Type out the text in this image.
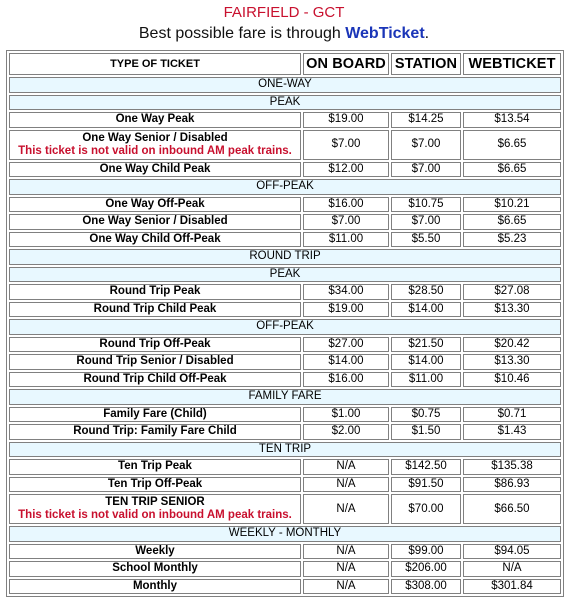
FAIRFIELD - GCT
Best possible fare is through WebTicket.
TYPE OF TICKET	ON BOARD	STATION	WEBTICKET
ONE-WAY			
PEAK			

One Way Peak	$19.00	$14.25	$13.54

One Way Senior / Disabled
This ticket is not valid on inbound AM peak trains.	$7.00	$7.00	$6.65

One Way Child Peak	$12.00	$7.00	$6.65
OFF-PEAK			

One Way Off-Peak	$16.00	$10.75	$10.21

One Way Senior / Disabled	$7.00	$7.00	$6.65

One Way Child Off-Peak	$11.00	$5.50	$5.23
ROUND TRIP			
PEAK			

Round Trip Peak	$34.00	$28.50	$27.08

Round Trip Child Peak	$19.00	$14.00	$13.30
OFF-PEAK			

Round Trip Off-Peak	$27.00	$21.50	$20.42

Round Trip Senior / Disabled	$14.00	$14.00	$13.30

Round Trip Child Off-Peak	$16.00	$11.00	$10.46
FAMILY FARE			

Family Fare (Child)	$1.00	$0.75	$0.71

Round Trip: Family Fare Child	$2.00	$1.50	$1.43
TEN TRIP			

Ten Trip Peak	N/A	$142.50	$135.38

Ten Trip Off-Peak	N/A	$91.50	$86.93

TEN TRIP SENIOR
This ticket is not valid on inbound AM peak trains.	N/A	$70.00	$66.50
WEEKLY - MONTHLY			

Weekly	N/A	$99.00	$94.05

School Monthly	N/A	$206.00	N/A

Monthly	N/A	$308.00	$301.84
